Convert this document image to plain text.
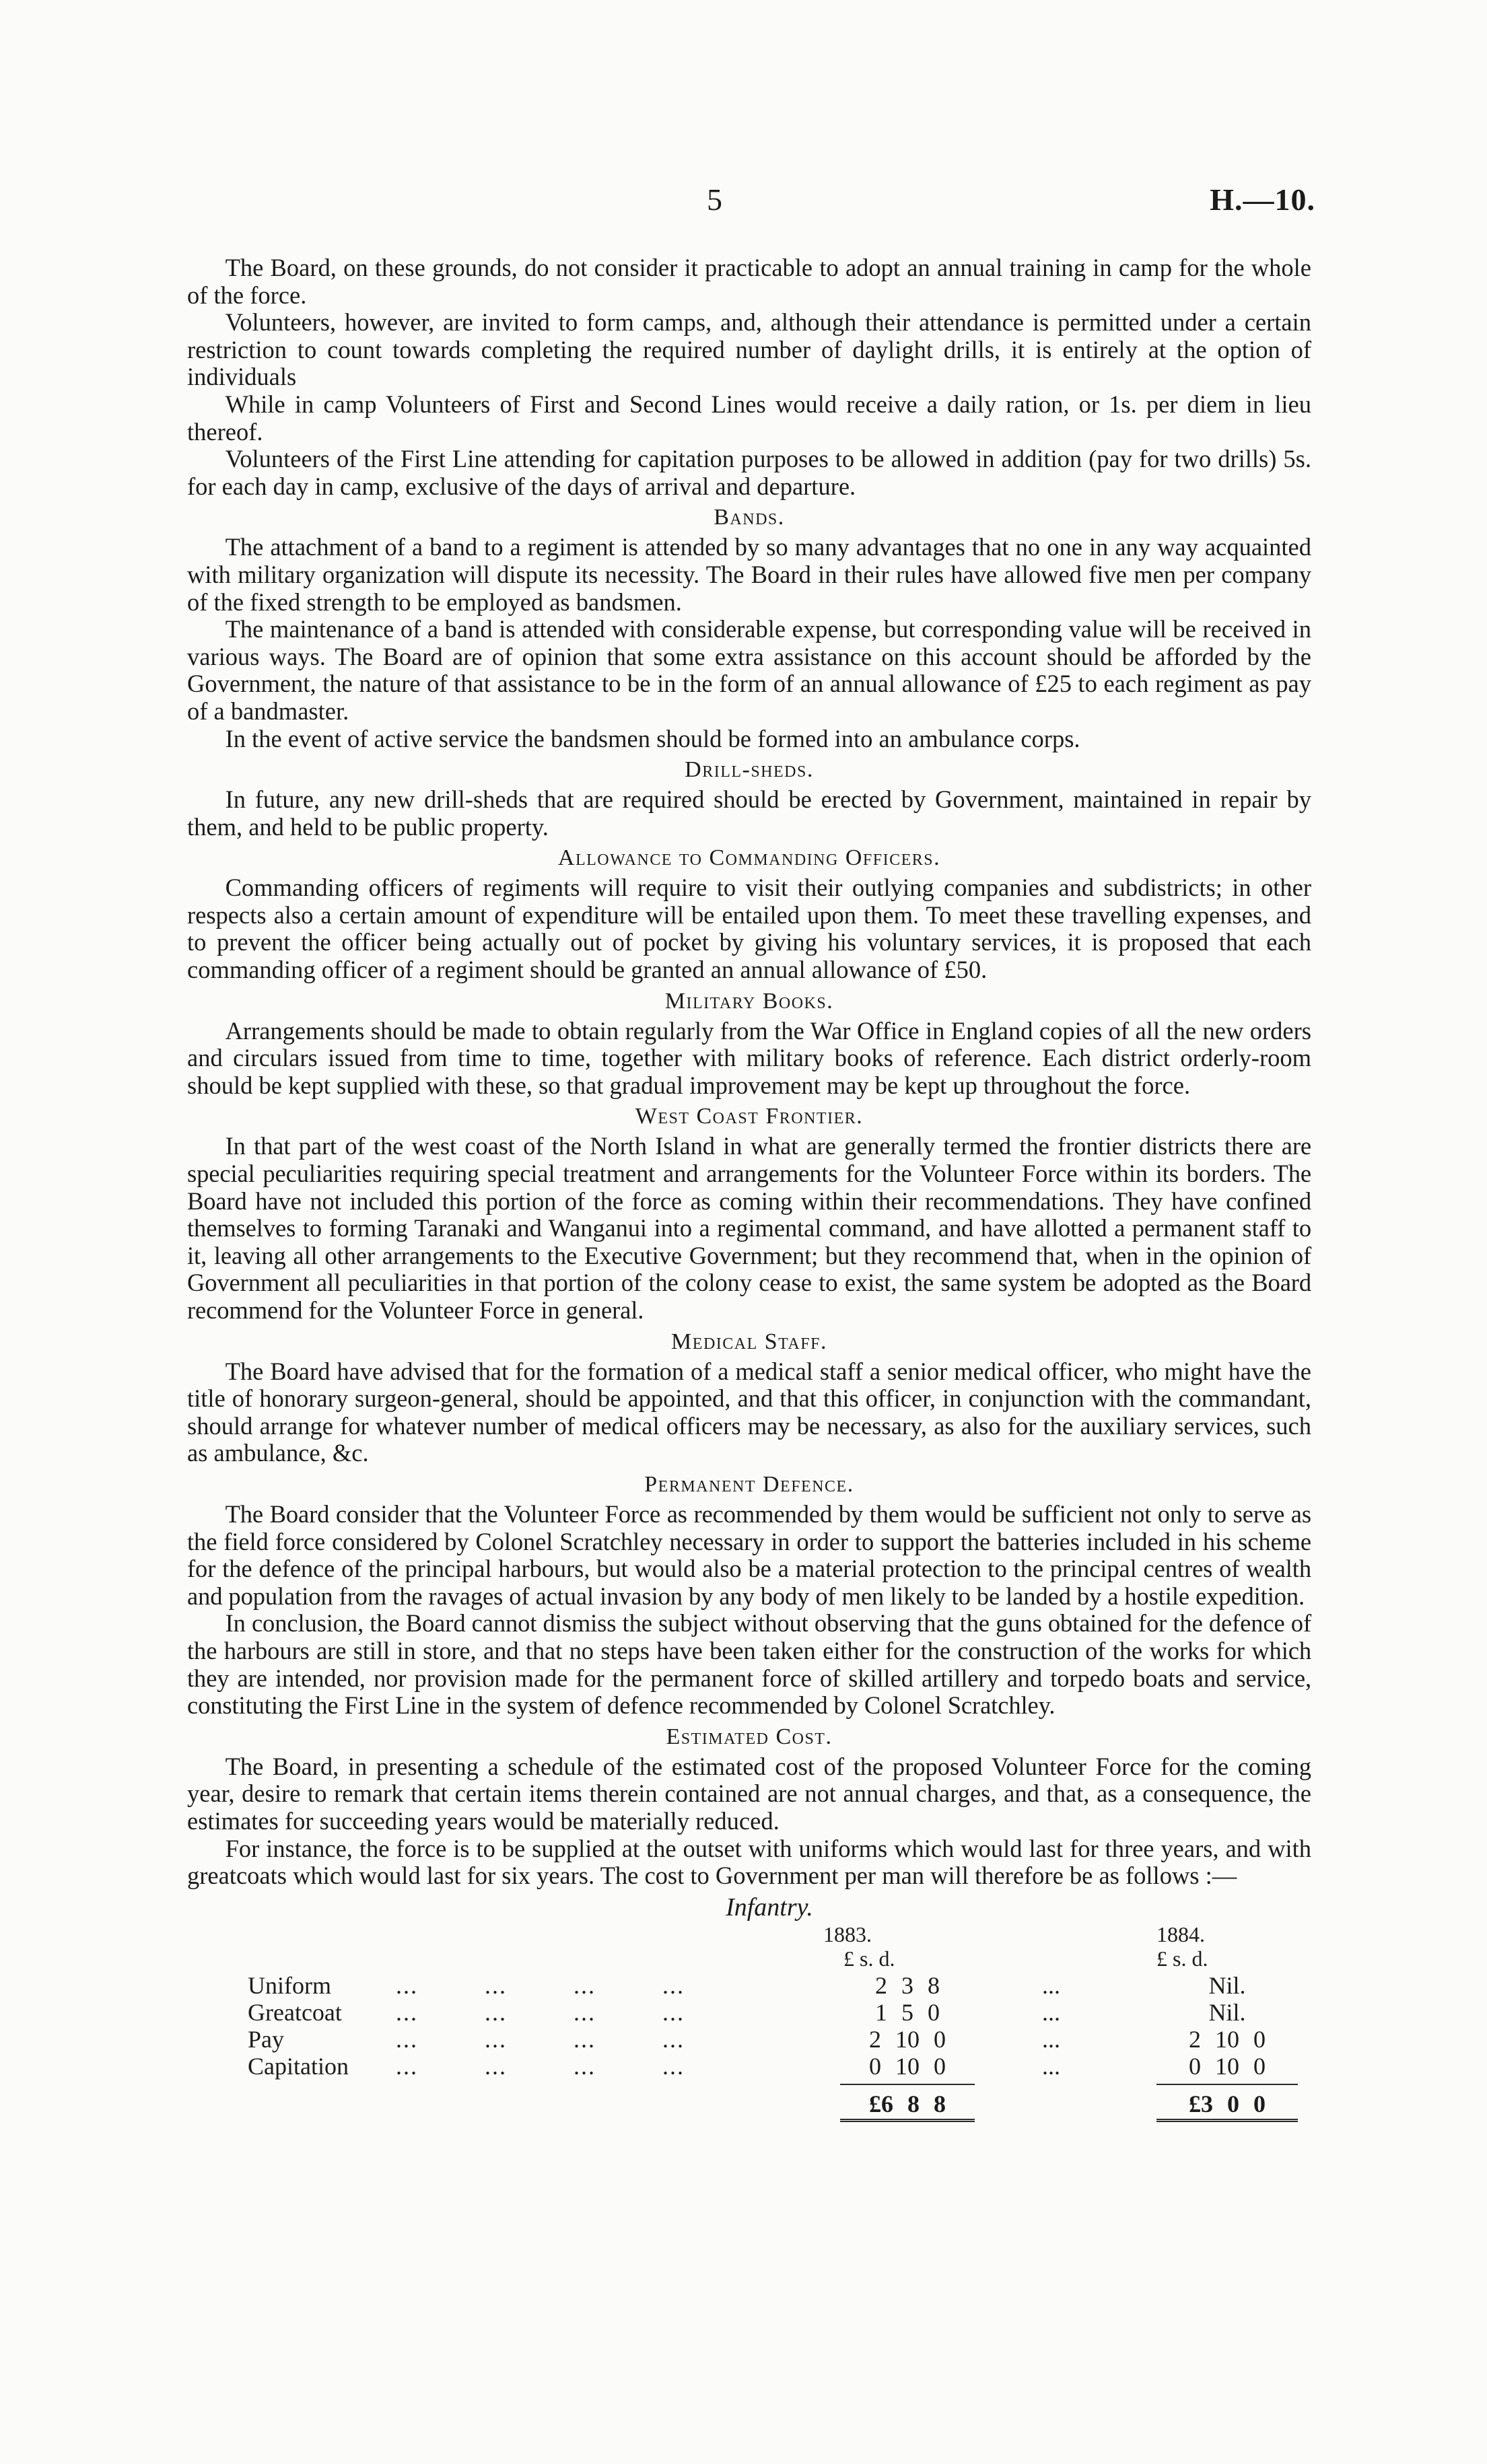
5	H.—10.

The Board, on these grounds, do not consider it practicable to adopt an annual training in camp for the whole of the force.

Volunteers, however, are invited to form camps, and, although their attendance is permitted under a certain restriction to count towards completing the required number of daylight drills, it is entirely at the option of individuals

While in camp Volunteers of First and Second Lines would receive a daily ration, or 1s. per diem in lieu thereof.

Volunteers of the First Line attending for capitation purposes to be allowed in addition (pay for two drills) 5s. for each day in camp, exclusive of the days of arrival and departure.

Bands.

The attachment of a band to a regiment is attended by so many advantages that no one in any way acquainted with military organization will dispute its necessity. The Board in their rules have allowed five men per company of the fixed strength to be employed as bandsmen.

The maintenance of a band is attended with considerable expense, but corresponding value will be received in various ways. The Board are of opinion that some extra assistance on this account should be afforded by the Government, the nature of that assistance to be in the form of an annual allowance of £25 to each regiment as pay of a bandmaster.

In the event of active service the bandsmen should be formed into an ambulance corps.

Drill-sheds.

In future, any new drill-sheds that are required should be erected by Government, maintained in repair by them, and held to be public property.

Allowance to Commanding Officers.

Commanding officers of regiments will require to visit their outlying companies and subdistricts; in other respects also a certain amount of expenditure will be entailed upon them. To meet these travelling expenses, and to prevent the officer being actually out of pocket by giving his voluntary services, it is proposed that each commanding officer of a regiment should be granted an annual allowance of £50.

Military Books.

Arrangements should be made to obtain regularly from the War Office in England copies of all the new orders and circulars issued from time to time, together with military books of reference. Each district orderly-room should be kept supplied with these, so that gradual improvement may be kept up throughout the force.

West Coast Frontier.

In that part of the west coast of the North Island in what are generally termed the frontier districts there are special peculiarities requiring special treatment and arrangements for the Volunteer Force within its borders. The Board have not included this portion of the force as coming within their recommendations. They have confined themselves to forming Taranaki and Wanganui into a regimental command, and have allotted a permanent staff to it, leaving all other arrangements to the Executive Government; but they recommend that, when in the opinion of Government all peculiarities in that portion of the colony cease to exist, the same system be adopted as the Board recommend for the Volunteer Force in general.

Medical Staff.

The Board have advised that for the formation of a medical staff a senior medical officer, who might have the title of honorary surgeon-general, should be appointed, and that this officer, in conjunction with the commandant, should arrange for whatever number of medical officers may be necessary, as also for the auxiliary services, such as ambulance, &c.

Permanent Defence.

The Board consider that the Volunteer Force as recommended by them would be sufficient not only to serve as the field force considered by Colonel Scratchley necessary in order to support the batteries included in his scheme for the defence of the principal harbours, but would also be a material protection to the principal centres of wealth and population from the ravages of actual invasion by any body of men likely to be landed by a hostile expedition.

In conclusion, the Board cannot dismiss the subject without observing that the guns obtained for the defence of the harbours are still in store, and that no steps have been taken either for the construction of the works for which they are intended, nor provision made for the permanent force of skilled artillery and torpedo boats and service, constituting the First Line in the system of defence recommended by Colonel Scratchley.

Estimated Cost.

The Board, in presenting a schedule of the estimated cost of the proposed Volunteer Force for the coming year, desire to remark that certain items therein contained are not annual charges, and that, as a consequence, the estimates for succeeding years would be materially reduced.

For instance, the force is to be supplied at the outset with uniforms which would last for three years, and with greatcoats which would last for six years. The cost to Government per man will therefore be as follows :—

Infantry.
1883.	1884.
£ s. d.	£ s. d.
Uniform	...         ...         ...         ...	2 3 8	...	Nil.
Greatcoat ...         ...         ...         ...	1 5 0	...	Nil.
Pay	...         ...         ...         ...	2 10 0	...	2 10 0
Capitation ...         ...         ...         ...	0 10 0	...	0 10 0
£6 8 8	£3 0 0
